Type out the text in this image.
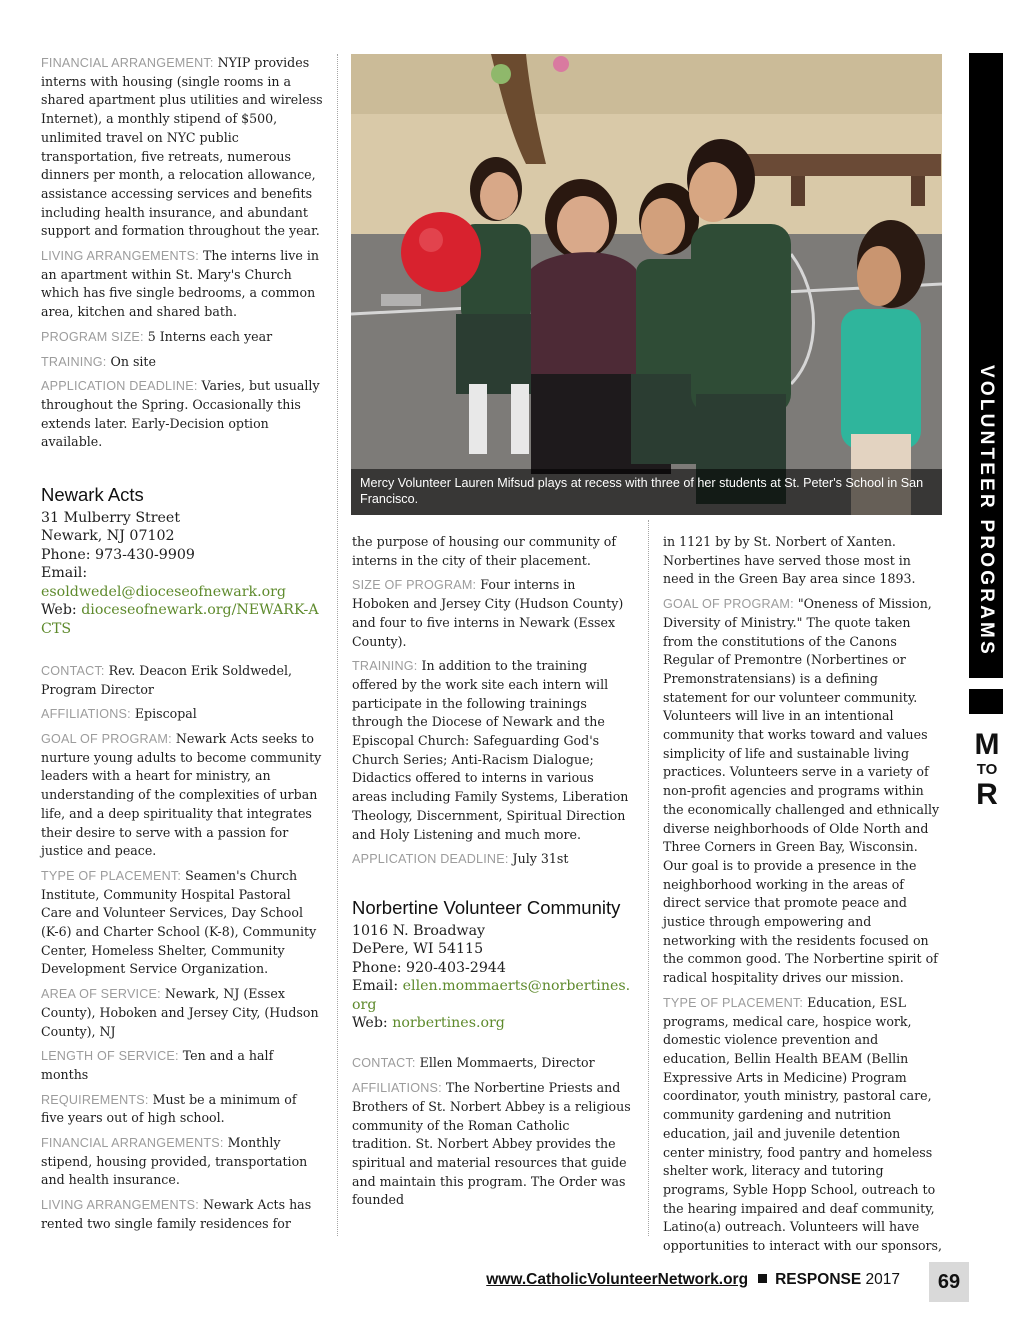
FINANCIAL ARRANGEMENT: NYIP provides interns with housing (single rooms in a shared apartment plus utilities and wireless Internet), a monthly stipend of $500, unlimited travel on NYC public transportation, five retreats, numerous dinners per month, a relocation allowance, assistance accessing services and benefits including health insurance, and abundant support and formation throughout the year.

LIVING ARRANGEMENTS: The interns live in an apartment within St. Mary's Church which has five single bedrooms, a common area, kitchen and shared bath.

PROGRAM SIZE: 5 Interns each year

TRAINING: On site

APPLICATION DEADLINE: Varies, but usually throughout the Spring. Occasionally this extends later. Early-Decision option available.

Newark Acts
31 Mulberry Street
Newark, NJ 07102
Phone: 973-430-9909
Email: esoldwedel@dioceseofnewark.org
Web: dioceseofnewark.org/NEWARK-ACTS

CONTACT: Rev. Deacon Erik Soldwedel, Program Director

AFFILIATIONS: Episcopal

GOAL OF PROGRAM: Newark Acts seeks to nurture young adults to become community leaders with a heart for ministry, an understanding of the complexities of urban life, and a deep spirituality that integrates their desire to serve with a passion for justice and peace.

TYPE OF PLACEMENT: Seamen's Church Institute, Community Hospital Pastoral Care and Volunteer Services, Day School (K-6) and Charter School (K-8), Community Center, Homeless Shelter, Community Development Service Organization.

AREA OF SERVICE: Newark, NJ (Essex County), Hoboken and Jersey City, (Hudson County), NJ

LENGTH OF SERVICE: Ten and a half months

REQUIREMENTS: Must be a minimum of five years out of high school.

FINANCIAL ARRANGEMENTS: Monthly stipend, housing provided, transportation and health insurance.

LIVING ARRANGEMENTS: Newark Acts has rented two single family residences for

Mercy Volunteer Lauren Mifsud plays at recess with three of her students at St. Peter's School in San Francisco.

the purpose of housing our community of interns in the city of their placement.

SIZE OF PROGRAM: Four interns in Hoboken and Jersey City (Hudson County) and four to five interns in Newark (Essex County).

TRAINING: In addition to the training offered by the work site each intern will participate in the following trainings through the Diocese of Newark and the Episcopal Church: Safeguarding God's Church Series; Anti-Racism Dialogue; Didactics offered to interns in various areas including Family Systems, Liberation Theology, Discernment, Spiritual Direction and Holy Listening and much more.

APPLICATION DEADLINE: July 31st

Norbertine Volunteer Community
1016 N. Broadway
DePere, WI 54115
Phone: 920-403-2944
Email: ellen.mommaerts@norbertines.org
Web: norbertines.org

CONTACT: Ellen Mommaerts, Director

AFFILIATIONS: The Norbertine Priests and Brothers of St. Norbert Abbey is a religious community of the Roman Catholic tradition. St. Norbert Abbey provides the spiritual and material resources that guide and maintain this program. The Order was founded

in 1121 by by St. Norbert of Xanten. Norbertines have served those most in need in the Green Bay area since 1893.

GOAL OF PROGRAM: "Oneness of Mission, Diversity of Ministry." The quote taken from the constitutions of the Canons Regular of Premontre (Norbertines or Premonstratensians) is a defining statement for our volunteer community. Volunteers will live in an intentional community that works toward and values simplicity of life and sustainable living practices. Volunteers serve in a variety of non-profit agencies and programs within the economically challenged and ethnically diverse neighborhoods of Olde North and Three Corners in Green Bay, Wisconsin. Our goal is to provide a presence in the neighborhood working in the areas of direct service that promote peace and justice through empowering and networking with the residents focused on the common good. The Norbertine spirit of radical hospitality drives our mission.

TYPE OF PLACEMENT: Education, ESL programs, medical care, hospice work, domestic violence prevention and education, Bellin Health BEAM (Bellin Expressive Arts in Medicine) Program coordinator, youth ministry, pastoral care, community gardening and nutrition education, jail and juvenile detention center ministry, food pantry and homeless shelter work, literacy and tutoring programs, Syble Hopp School, outreach to the hearing impaired and deaf community, Latino(a) outreach. Volunteers will have opportunities to interact with our sponsors,

VOLUNTEER PROGRAMS
M
TO
R
www.CatholicVolunteerNetwork.org RESPONSE 2017	69
